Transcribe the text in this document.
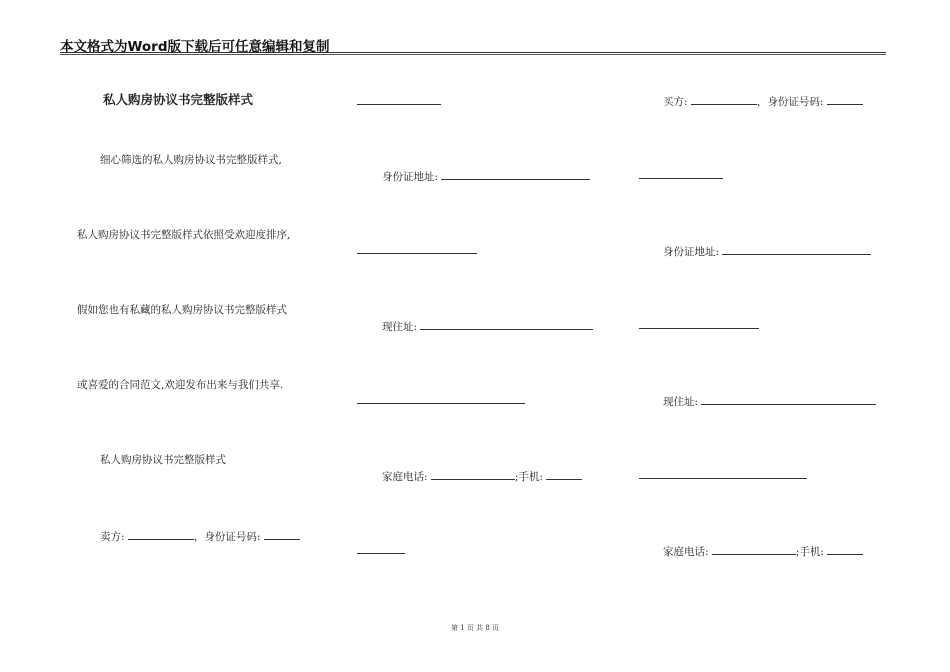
本文格式为Word版下载后可任意编辑和复制
私人购房协议书完整版样式
细心筛选的私人购房协议书完整版样式,
私人购房协议书完整版样式依照受欢迎度排序,
假如您也有私藏的私人购房协议书完整版样式
或喜爱的合同范文,欢迎发布出来与我们共享.
私人购房协议书完整版样式
卖方:	，身份证号码:
身份证地址:
现住址:
家庭电话:	;手机:
买方:	，身份证号码:
身份证地址:
现住址:
家庭电话:	;手机:
第 1 页 共 8 页
